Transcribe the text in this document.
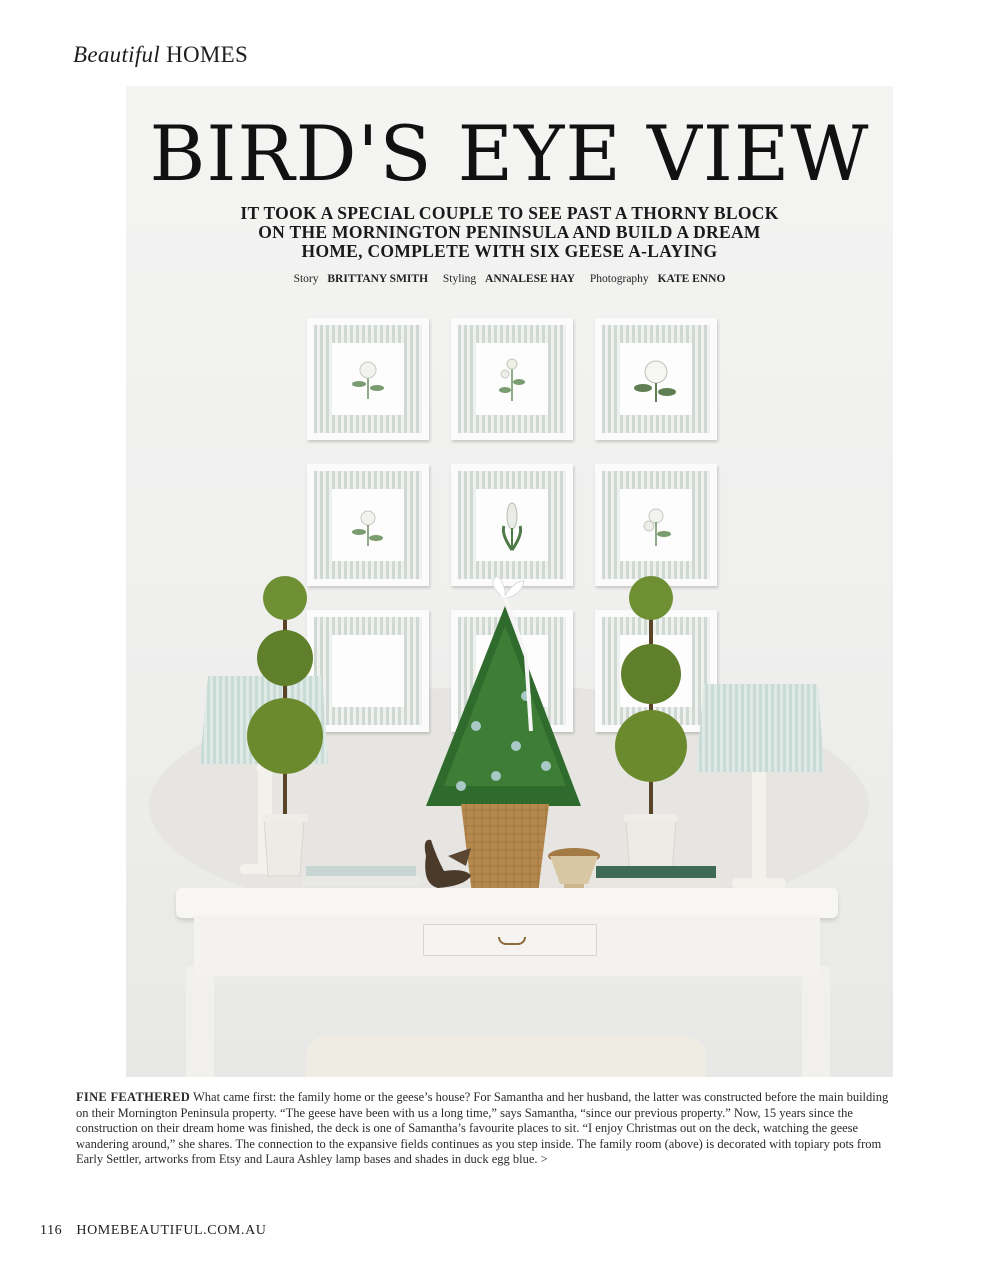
Beautiful HOMES
BIRD'S EYE VIEW
IT TOOK A SPECIAL COUPLE TO SEE PAST A THORNY BLOCK
ON THE MORNINGTON PENINSULA AND BUILD A DREAM
HOME, COMPLETE WITH SIX GEESE A-LAYING
Story BRITTANY SMITH Styling ANNALESE HAY Photography KATE ENNO
FINE FEATHERED What came first: the family home or the geese’s house? For Samantha and her husband, the latter was constructed before the main building on their Mornington Peninsula property. “The geese have been with us a long time,” says Samantha, “since our previous property.” Now, 15 years since the construction on their dream home was finished, the deck is one of Samantha’s favourite places to sit. “I enjoy Christmas out on the deck, watching the geese wandering around,” she shares. The connection to the expansive fields continues as you step inside. The family room (above) is decorated with topiary pots from Early Settler, artworks from Etsy and Laura Ashley lamp bases and shades in duck egg blue. >
116 HOMEBEAUTIFUL.COM.AU
